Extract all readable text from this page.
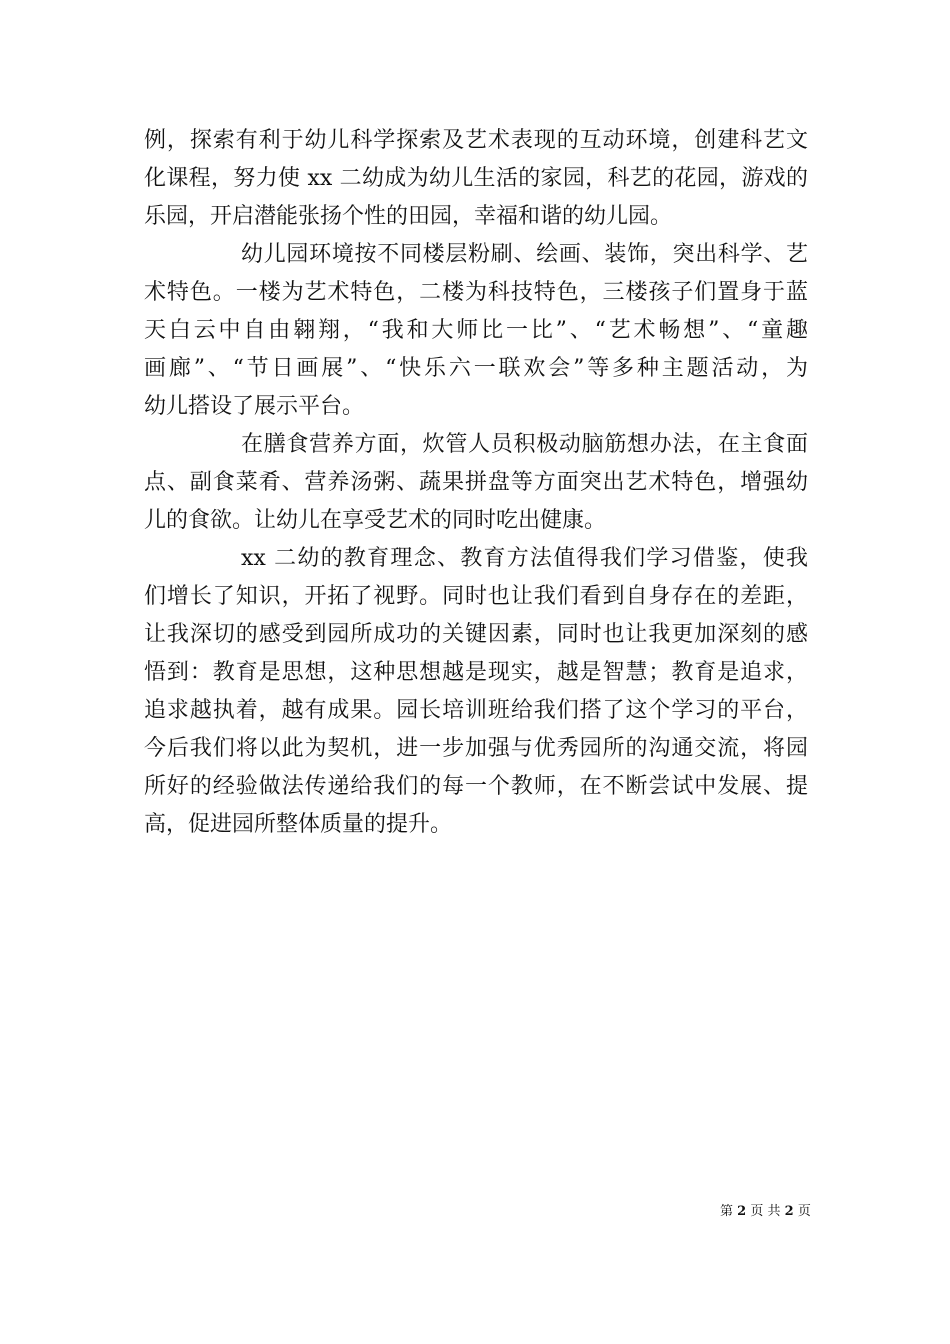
例，探索有利于幼儿科学探索及艺术表现的互动环境，创建科艺文
化课程，努力使 xx 二幼成为幼儿生活的家园，科艺的花园，游戏的
乐园，开启潜能张扬个性的田园，幸福和谐的幼儿园。
幼儿园环境按不同楼层粉刷、绘画、装饰，突出科学、艺
术特色。一楼为艺术特色，二楼为科技特色，三楼孩子们置身于蓝
天白云中自由翱翔，“我和大师比一比”、“艺术畅想”、“童趣
画廊”、“节日画展”、“快乐六一联欢会”等多种主题活动，为
幼儿搭设了展示平台。
在膳食营养方面，炊管人员积极动脑筋想办法，在主食面
点、副食菜肴、营养汤粥、蔬果拼盘等方面突出艺术特色，增强幼
儿的食欲。让幼儿在享受艺术的同时吃出健康。
xx 二幼的教育理念、教育方法值得我们学习借鉴，使我
们增长了知识，开拓了视野。同时也让我们看到自身存在的差距，
让我深切的感受到园所成功的关键因素，同时也让我更加深刻的感
悟到：教育是思想，这种思想越是现实，越是智慧；教育是追求，
追求越执着，越有成果。园长培训班给我们搭了这个学习的平台，
今后我们将以此为契机，进一步加强与优秀园所的沟通交流，将园
所好的经验做法传递给我们的每一个教师，在不断尝试中发展、提
高，促进园所整体质量的提升。
第 2 页 共 2 页
